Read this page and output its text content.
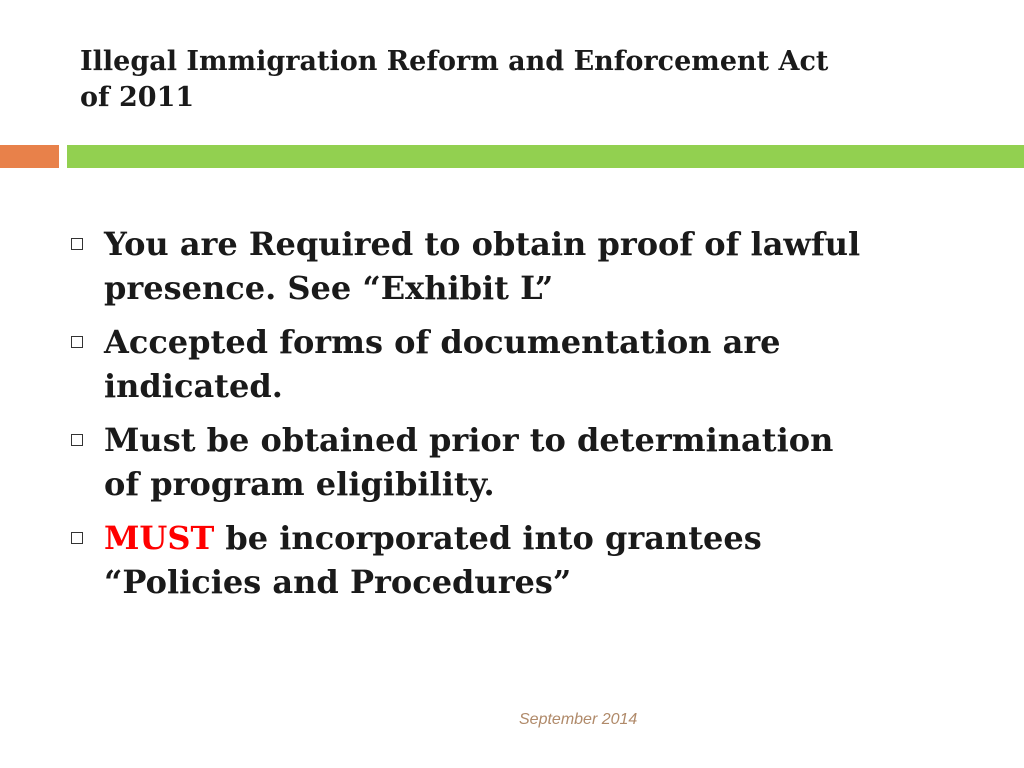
Illegal Immigration Reform and Enforcement Act
of 2011
You are Required to obtain proof of lawful
presence. See “Exhibit L”
Accepted forms of documentation are
indicated.
Must be obtained prior to determination
of program eligibility.
MUST be incorporated into grantees
“Policies and Procedures”
September 2014
